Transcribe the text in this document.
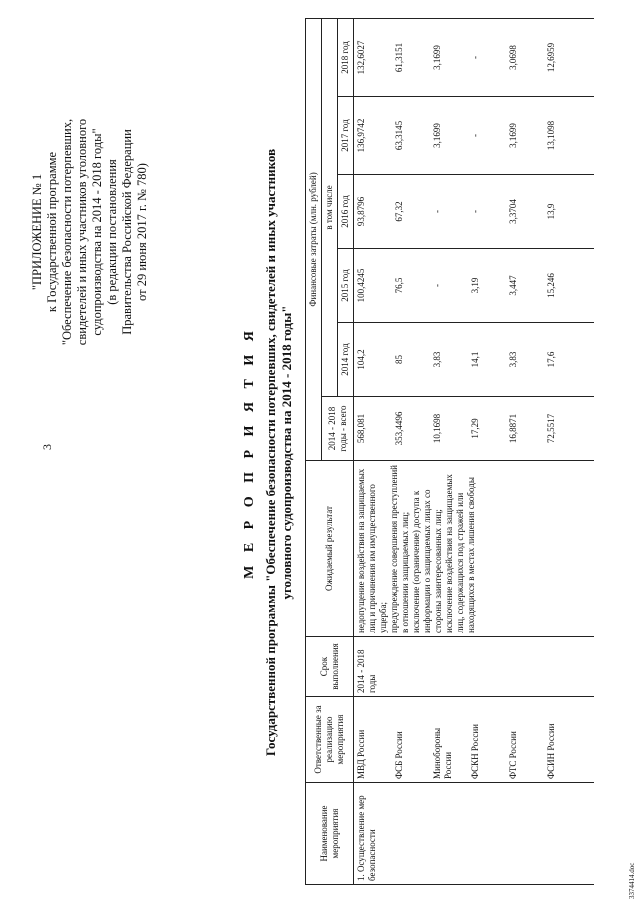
3
"ПРИЛОЖЕНИЕ № 1 к Государственной программе "Обеспечение безопасности потерпевших, свидетелей и иных участников уголовного судопроизводства на 2014 - 2018 годы" (в редакции постановления Правительства Российской Федерации от 29 июня 2017 г. № 780)
М Е Р О П Р И Я Т И Я Государственной программы "Обеспечение безопасности потерпевших, свидетелей и иных участников уголовного судопроизводства на 2014 - 2018 годы"
Наименование мероприятия	Ответственные за реализацию мероприятия	Срок выполнения	Ожидаемый результат	Финансовые затраты (млн. рублей)					
				2014 - 2018 годы - всего	в том числе				
					2014 год	2015 год	2016 год	2017 год	2018 год
1. Осуществление мер безопасности	МВД России	2014 - 2018 годы	недопущение воздействия на защищаемых лиц и причинения им имущественного ущерба; предупреждение совершения преступлений в отношении защищаемых лиц; исключение (ограничение) доступа к информации о защищаемых лицах со стороны заинтересованных лиц; исключение воздействия на защищаемых лиц, содержащихся под стражей или находящихся в местах лишения свободы	568,081	104,2	100,4245	93,8796	136,9742	132,6027
	ФСБ России			353,4496	85	76,5	67,32	63,3145	61,3151
	Минобороны России			10,1698	3,83	-	-	3,1699	3,1699
	ФСКН России			17,29	14,1	3,19	-	-	-
	ФТС России			16,8871	3,83	3,447	3,3704	3,1699	3,0698
	ФСИН России			72,5517	17,6	15,246	13,9	13,1098	12,6959
3374414.doc
